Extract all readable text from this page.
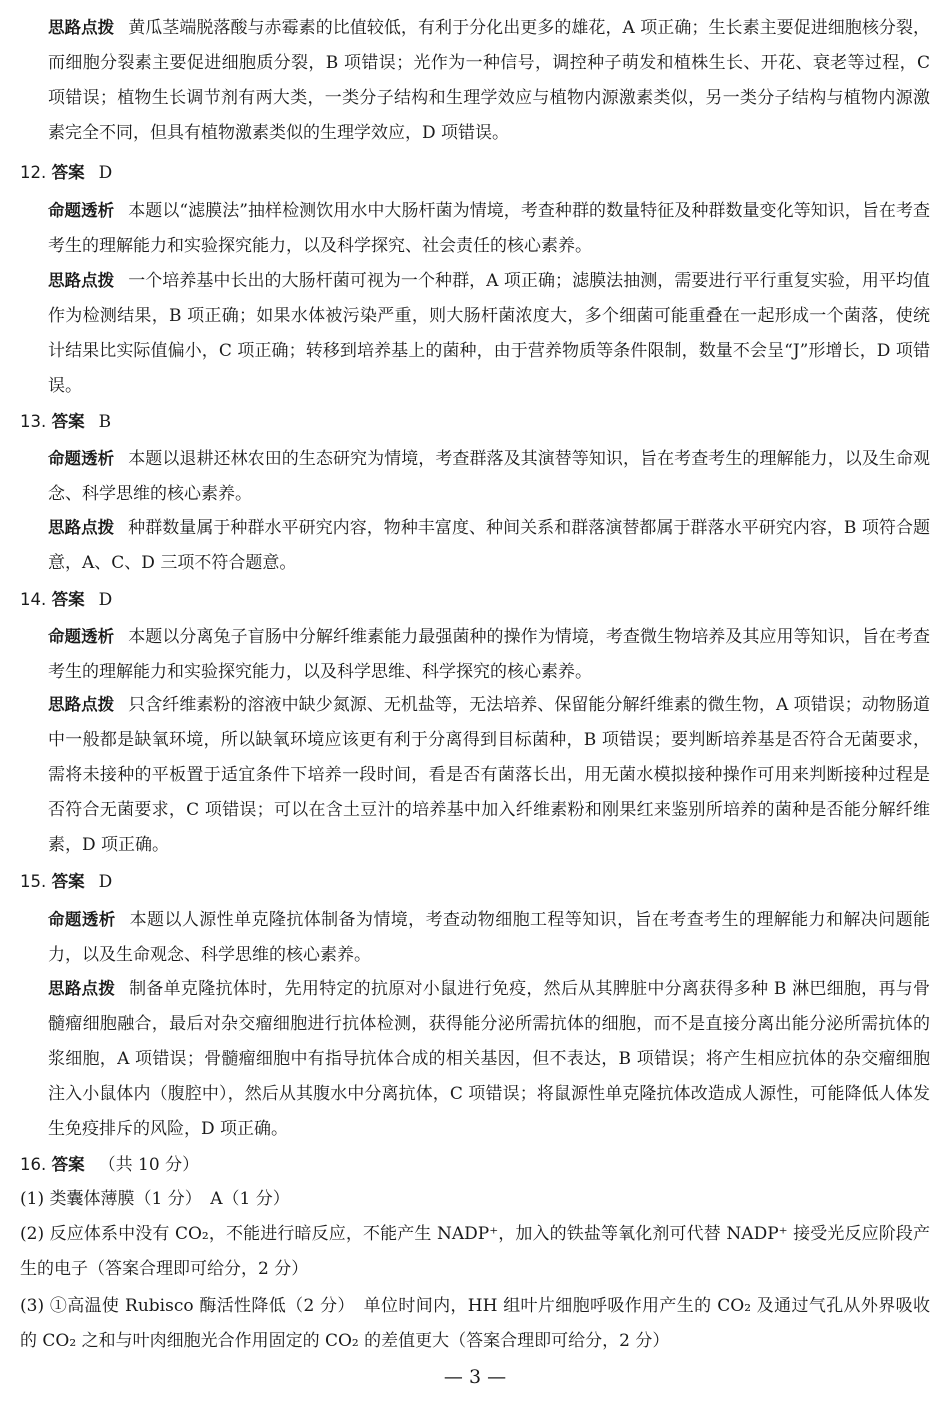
思路点拨 黄瓜茎端脱落酸与赤霉素的比值较低，有利于分化出更多的雄花，A 项正确；生长素主要促进细胞核分裂，而细胞分裂素主要促进细胞质分裂，B 项错误；光作为一种信号，调控种子萌发和植株生长、开花、衰老等过程，C 项错误；植物生长调节剂有两大类，一类分子结构和生理学效应与植物内源激素类似，另一类分子结构与植物内源激素完全不同，但具有植物激素类似的生理学效应，D 项错误。

12. 答案 D

命题透析 本题以“滤膜法”抽样检测饮用水中大肠杆菌为情境，考查种群的数量特征及种群数量变化等知识，旨在考查考生的理解能力和实验探究能力，以及科学探究、社会责任的核心素养。

思路点拨 一个培养基中长出的大肠杆菌可视为一个种群，A 项正确；滤膜法抽测，需要进行平行重复实验，用平均值作为检测结果，B 项正确；如果水体被污染严重，则大肠杆菌浓度大，多个细菌可能重叠在一起形成一个菌落，使统计结果比实际值偏小，C 项正确；转移到培养基上的菌种，由于营养物质等条件限制，数量不会呈“J”形增长，D 项错误。

13. 答案 B

命题透析 本题以退耕还林农田的生态研究为情境，考查群落及其演替等知识，旨在考查考生的理解能力，以及生命观念、科学思维的核心素养。

思路点拨 种群数量属于种群水平研究内容，物种丰富度、种间关系和群落演替都属于群落水平研究内容，B 项符合题意，A、C、D 三项不符合题意。

14. 答案 D

命题透析 本题以分离兔子盲肠中分解纤维素能力最强菌种的操作为情境，考查微生物培养及其应用等知识，旨在考查考生的理解能力和实验探究能力，以及科学思维、科学探究的核心素养。

思路点拨 只含纤维素粉的溶液中缺少氮源、无机盐等，无法培养、保留能分解纤维素的微生物，A 项错误；动物肠道中一般都是缺氧环境，所以缺氧环境应该更有利于分离得到目标菌种，B 项错误；要判断培养基是否符合无菌要求，需将未接种的平板置于适宜条件下培养一段时间，看是否有菌落长出，用无菌水模拟接种操作可用来判断接种过程是否符合无菌要求，C 项错误；可以在含土豆汁的培养基中加入纤维素粉和刚果红来鉴别所培养的菌种是否能分解纤维素，D 项正确。

15. 答案 D

命题透析 本题以人源性单克隆抗体制备为情境，考查动物细胞工程等知识，旨在考查考生的理解能力和解决问题能力，以及生命观念、科学思维的核心素养。

思路点拨 制备单克隆抗体时，先用特定的抗原对小鼠进行免疫，然后从其脾脏中分离获得多种 B 淋巴细胞，再与骨髓瘤细胞融合，最后对杂交瘤细胞进行抗体检测，获得能分泌所需抗体的细胞，而不是直接分离出能分泌所需抗体的浆细胞，A 项错误；骨髓瘤细胞中有指导抗体合成的相关基因，但不表达，B 项错误；将产生相应抗体的杂交瘤细胞注入小鼠体内（腹腔中），然后从其腹水中分离抗体，C 项错误；将鼠源性单克隆抗体改造成人源性，可能降低人体发生免疫排斥的风险，D 项正确。

16. 答案 （共 10 分）

(1) 类囊体薄膜（1 分）　A（1 分）

(2) 反应体系中没有 CO₂，不能进行暗反应，不能产生 NADP⁺，加入的铁盐等氧化剂可代替 NADP⁺ 接受光反应阶段产生的电子（答案合理即可给分，2 分）

(3) ①高温使 Rubisco 酶活性降低（2 分）　单位时间内，HH 组叶片细胞呼吸作用产生的 CO₂ 及通过气孔从外界吸收的 CO₂ 之和与叶肉细胞光合作用固定的 CO₂ 的差值更大（答案合理即可给分，2 分）

— 3 —
